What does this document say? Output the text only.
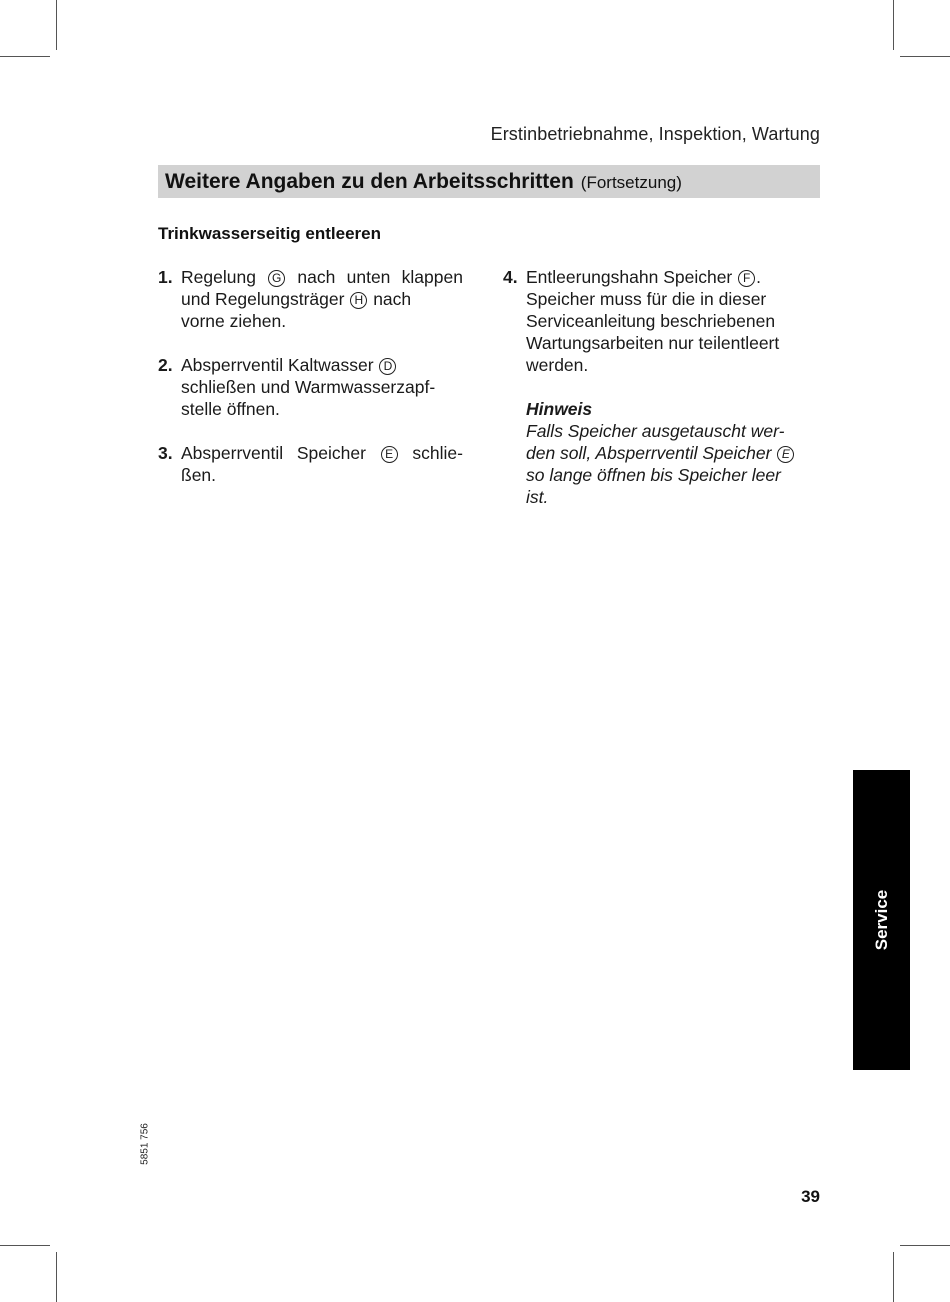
Erstinbetriebnahme, Inspektion, Wartung
Weitere Angaben zu den Arbeitsschritten (Fortsetzung)
Trinkwasserseitig entleeren
1. Regelung G nach unten klappen
und Regelungsträger H nach
vorne ziehen.
2. Absperrventil Kaltwasser D
schließen und Warmwasserzapf-
stelle öffnen.
3. Absperrventil Speicher E schlie-
ßen.
4. Entleerungshahn Speicher F .
Speicher muss für die in dieser
Serviceanleitung beschriebenen
Wartungsarbeiten nur teilentleert
werden.
Hinweis
Falls Speicher ausgetauscht wer-
den soll, Absperrventil Speicher E
so lange öffnen bis Speicher leer
ist.
Service
5851 756
39
